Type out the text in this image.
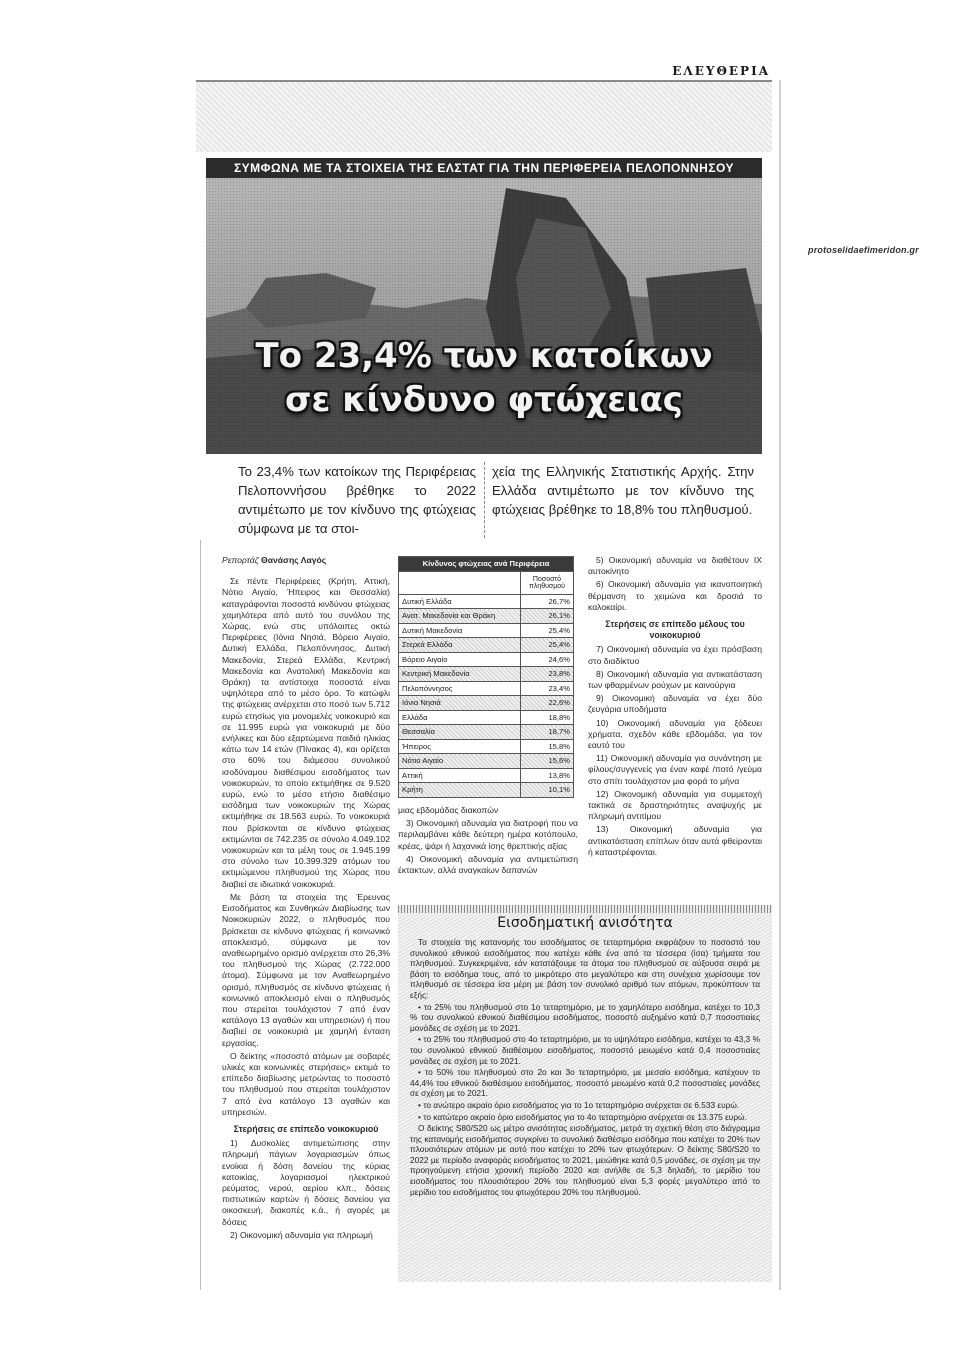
ΕΛΕΥΘΕΡΙΑ
protoselidaefimeridon.gr
ΣΥΜΦΩΝΑ ΜΕ ΤΑ ΣΤΟΙΧΕΙΑ ΤΗΣ ΕΛΣΤΑΤ ΓΙΑ ΤΗΝ ΠΕΡΙΦΕΡΕΙΑ ΠΕΛΟΠΟΝΝΗΣΟΥ
Το 23,4% των κατοίκων
σε κίνδυνο φτώχειας
Το 23,4% των κατοίκων της Περιφέρειας Πελοποννήσου βρέθηκε το 2022 αντιμέτωπο με τον κίνδυνο της φτώχειας σύμφωνα με τα στοι-
χεία της Ελληνικής Στατιστικής Αρχής. Στην Ελλάδα αντιμέτωπο με τον κίνδυνο της φτώχειας βρέθηκε το 18,8% του πληθυσμού.

Ρεπορτάζ Θανάσης Λαγός

Σε πέντε Περιφέρειες (Κρήτη, Αττική, Νότιο Αιγαίο, Ήπειρος και Θεσσαλία) καταγράφονται ποσοστά κινδύνου φτώχειας χαμηλότερα από αυτό του συνόλου της Χώρας, ενώ στις υπόλοιπες οκτώ Περιφέρειες (Ιόνια Νησιά, Βόρειο Αιγαίο, Δυτική Ελλάδα, Πελοπόννησος, Δυτική Μακεδονία, Στερεά Ελλάδα, Κεντρική Μακεδονία και Ανατολική Μακεδονία και Θράκη) τα αντίστοιχα ποσοστά είναι υψηλότερα από το μέσο όρο. Το κατώφλι της φτώχειας ανέρχεται στο ποσό των 5.712 ευρώ ετησίως για μονομελές νοικοκυριό και σε 11.995 ευρώ για νοικοκυριά με δύο ενήλικες και δύο εξαρτώμενα παιδιά ηλικίας κάτω των 14 ετών (Πίνακας 4), και ορίζεται στο 60% του διάμεσου συνολικού ισοδύναμου διαθέσιμου εισοδήματος των νοικοκυριών, το οποίο εκτιμήθηκε σε 9.520 ευρώ, ενώ το μέσο ετήσιο διαθέσιμο εισόδημα των νοικοκυριών της Χώρας εκτιμήθηκε σε 18.563 ευρώ. Το νοικοκυριά που βρίσκονται σε κίνδυνο φτώχειας εκτιμώνται σε 742.235 σε σύνολο 4.049.102 νοικοκυριών και τα μέλη τους σε 1.945.199 στο σύνολο των 10.399.329 ατόμων του εκτιμώμενου πληθυσμού της Χώρας που διαβιεί σε ιδιωτικά νοικοκυριά.

Με βάση τα στοιχεία της Έρευνας Εισοδήματος και Συνθηκών Διαβίωσης των Νοικοκυριών 2022, ο πληθυσμός που βρίσκεται σε κίνδυνο φτώχειας ή κοινωνικό αποκλεισμό, σύμφωνα με τον αναθεωρημένο ορισμό ανέρχεται στο 26,3% του πληθυσμού της Χώρας (2.722.000 άτομα). Σύμφωνα με τον Αναθεωρημένο ορισμό, πληθυσμός σε κίνδυνο φτώχειας ή κοινωνικό αποκλεισμό είναι ο πληθυσμός που στερείται τουλάχιστον 7 από έναν κατάλογο 13 αγαθών και υπηρεσιών) ή που διαβιεί σε νοικοκυριά με χαμηλή ένταση εργασίας.

Ο δείκτης «ποσοστό ατόμων με σοβαρές υλικές και κοινωνικές στερήσεις» εκτιμά το επίπεδο διαβίωσης μετρώντας το ποσοστό του πληθυσμού που στερείται τουλάχιστον 7 από ένα κατάλογο 13 αγαθών και υπηρεσιών.

Στερήσεις σε επίπεδο νοικοκυριού

1) Δυσκολίες αντιμετώπισης στην πληρωμή πάγιων λογαριασμών όπως ενοίκια ή δόση δανείου της κύριας κατοικίας, λογαριασμοί ηλεκτρικού ρεύματος, νερού, αερίου κλπ., δόσεις πιστωτικών καρτών ή δόσεις δανείου για οικοσκευή, διακοπές κ.ά., ή αγορές με δόσεις

2) Οικονομική αδυναμία για πληρωμή

Κίνδυνος φτώχειας ανά Περιφέρεια	
	Ποσοστό πληθυσμού
Δυτική Ελλάδα	26,7%
Ανατ. Μακεδονία και Θράκη	26,1%
Δυτική Μακεδονία	25,4%
Στερεά Ελλάδα	25,4%
Βόρειο Αιγαίο	24,6%
Κεντρική Μακεδονία	23,8%
Πελοπόννησος	23,4%
Ιόνια Νησιά	22,6%
Ελλάδα	18,8%
Θεσσαλία	18,7%
Ήπειρος	15,8%
Νότιο Αιγαίο	15,6%
Αττική	13,8%
Κρήτη	10,1%

μιας εβδομάδας διακοπών

3) Οικονομική αδυναμία για διατροφή που να περιλαμβάνει κάθε δεύτερη ημέρα κοτόπουλο, κρέας, ψάρι ή λαχανικά ίσης θρεπτικής αξίας

4) Οικονομική αδυναμία για αντιμετώπιση έκτακτων, αλλά αναγκαίων δαπανών

5) Οικονομική αδυναμία να διαθέτουν ΙΧ αυτοκίνητο

6) Οικονομική αδυναμία για ικανοποιητική θέρμανση το χειμώνα και δροσιά το καλοκαίρι.

Στερήσεις σε επίπεδο μέλους του νοικοκυριού

7) Οικονομική αδυναμία να έχει πρόσβαση στο διαδίκτυο

8) Οικονομική αδυναμία για αντικατάσταση των φθαρμένων ρούχων με καινούργια

9) Οικονομική αδυναμία να έχει δύο ζευγάρια υποδήματα

10) Οικονομική αδυναμία για ξόδευει χρήματα, σχεδόν κάθε εβδομάδα, για τον εαυτό του

11) Οικονομική αδυναμία για συνάντηση με φίλους/συγγενείς για έναν καφέ /ποτό /γεύμα στο σπίτι τουλάχιστον μια φορά το μήνα

12) Οικονομική αδυναμία για συμμετοχή τακτικά σε δραστηριότητες αναψυχής με πληρωμή αντιτίμου

13) Οικονομική αδυναμία για αντικατάσταση επίπλων όταν αυτά φθείρονται ή καταστρέφονται.

Εισοδηματική ανισότητα

Τα στοιχεία της κατανομής του εισοδήματος σε τεταρτημόρια εκφράζουν το ποσοστό του συνολικού εθνικού εισοδήματος που κατέχει κάθε ένα από τα τέσσερα (ίσα) τμήματα του πληθυσμού. Συγκεκριμένα, εάν κατατάξουμε τα άτομα του πληθυσμού σε αύξουσα σειρά με βάση το εισόδημα τους, από το μικρότερο στο μεγαλύτερο και στη συνέχεια χωρίσουμε τον πληθυσμό σε τέσσερα ίσα μέρη με βάση τον συνολικό αριθμό των ατόμων, προκύπτουν τα εξής:

• το 25% του πληθυσμού στο 1ο τεταρτημόριο, με το χαμηλότερο εισόδημα, κατέχει το 10,3 % του συνολικού εθνικού διαθέσιμου εισοδήματος, ποσοστό αυξημένο κατά 0,7 ποσοστιαίες μονάδες σε σχέση με το 2021.

• το 25% του πληθυσμού στο 4ο τεταρτημόριο, με το υψηλότερο εισόδημα, κατέχει το 43,3 % του συνολικού εθνικού διαθέσιμου εισοδήματος, ποσοστό μειωμένο κατά 0,4 ποσοστιαίες μονάδες σε σχέση με το 2021.

• το 50% του πληθυσμού στο 2ο και 3ο τεταρτημόριο, με μεσαίο εισόδημα, κατέχουν το 44,4% του εθνικού διαθέσιμου εισοδήματος, ποσοστό μειωμένο κατά 0,2 ποσοστιαίες μονάδες σε σχέση με το 2021.

• το ανώτερο ακραίο όριο εισοδήματος για το 1ο τεταρτημόριο ανέρχεται σε 6.533 ευρώ.

• το κατώτερο ακραίο όριο εισοδήματος για το 4ο τεταρτημόριο ανέρχεται σε 13.375 ευρώ.

Ο δείκτης S80/S20 ως μέτρο ανισότητας εισοδήματος, μετρά τη σχετική θέση στο διάγραμμα της κατανομής εισοδήματος συγκρίνει το συνολικό διαθέσιμο εισόδημα που κατέχει το 20% των πλουσιότερων ατόμων με αυτό που κατέχει το 20% των φτωχότερων. Ο δείκτης S80/S20 το 2022 με περίοδο αναφοράς εισοδήματος το 2021, μειώθηκε κατά 0,5 μονάδες, σε σχέση με την προηγούμενη ετήσια χρονική περίοδο 2020 και ανήλθε σε 5,3 δηλαδή, το μερίδιο του εισοδήματος του πλουσιότερου 20% του πληθυσμού είναι 5,3 φορές μεγαλύτερο από το μερίδιο του εισοδήματος του φτωχότερου 20% του πληθυσμού.
